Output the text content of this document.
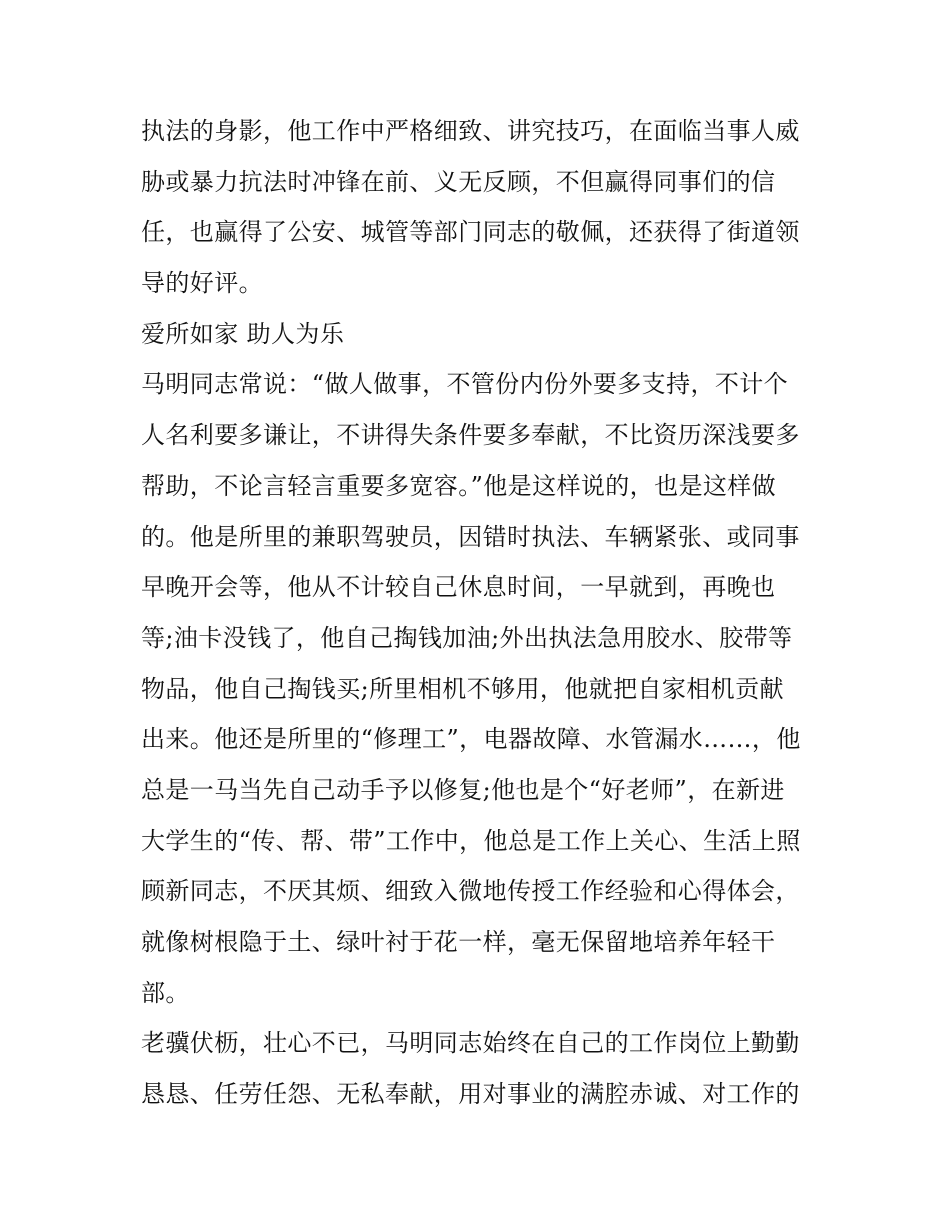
执法的身影，他工作中严格细致、讲究技巧，在面临当事人威
胁或暴力抗法时冲锋在前、义无反顾，不但赢得同事们的信
任，也赢得了公安、城管等部门同志的敬佩，还获得了街道领
导的好评。
爱所如家 助人为乐
马明同志常说：“做人做事，不管份内份外要多支持，不计个
人名利要多谦让，不讲得失条件要多奉献，不比资历深浅要多
帮助，不论言轻言重要多宽容。”他是这样说的，也是这样做
的。他是所里的兼职驾驶员，因错时执法、车辆紧张、或同事
早晚开会等，他从不计较自己休息时间，一早就到，再晚也
等;油卡没钱了，他自己掏钱加油;外出执法急用胶水、胶带等
物品，他自己掏钱买;所里相机不够用，他就把自家相机贡献
出来。他还是所里的“修理工”，电器故障、水管漏水……，他
总是一马当先自己动手予以修复;他也是个“好老师”，在新进
大学生的“传、帮、带”工作中，他总是工作上关心、生活上照
顾新同志，不厌其烦、细致入微地传授工作经验和心得体会，
就像树根隐于土、绿叶衬于花一样，毫无保留地培养年轻干
部。
老骥伏枥，壮心不已，马明同志始终在自己的工作岗位上勤勤
恳恳、任劳任怨、无私奉献，用对事业的满腔赤诚、对工作的
